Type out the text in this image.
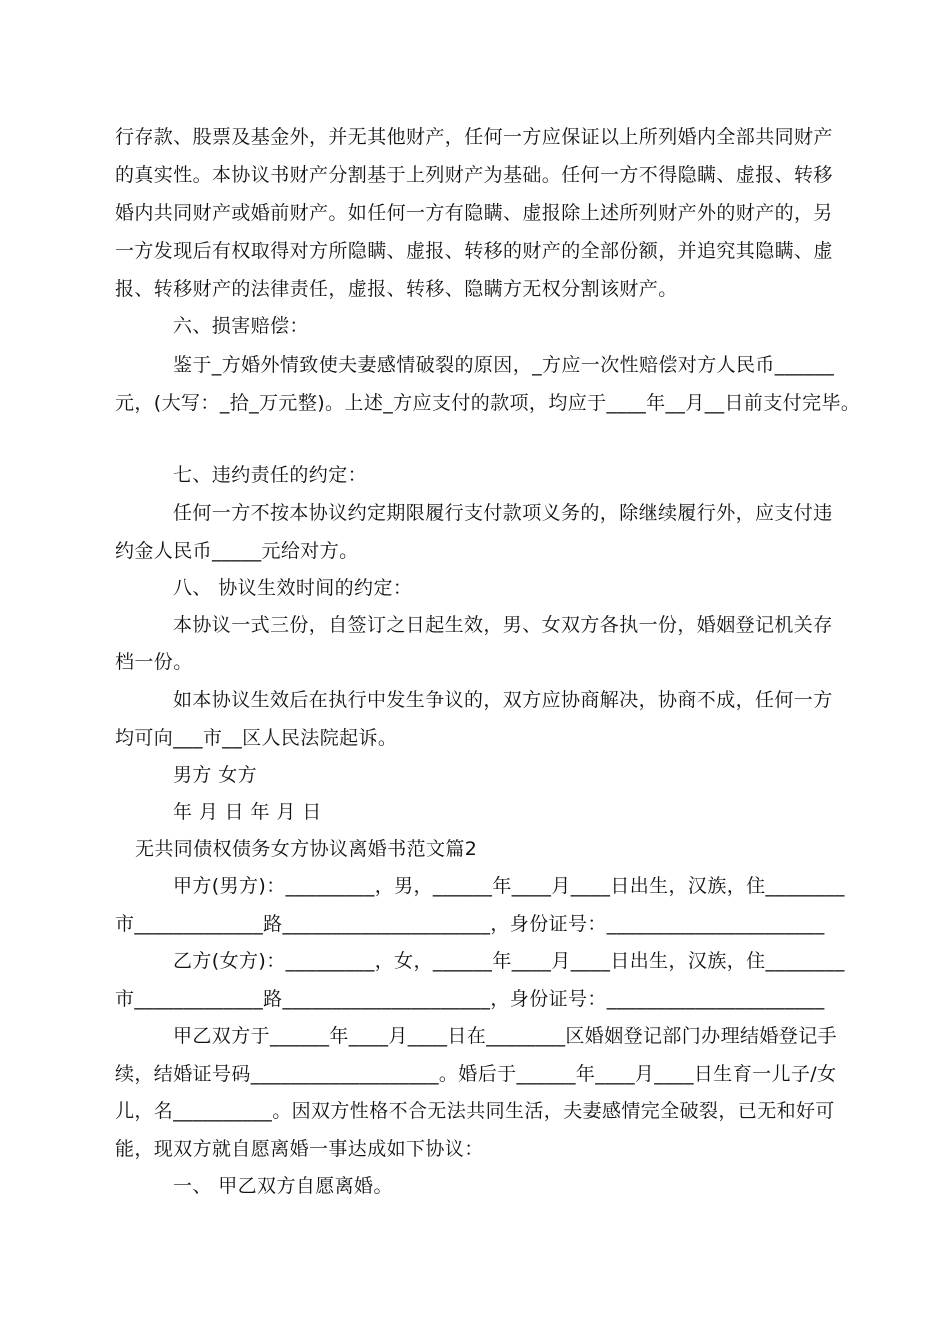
行存款、股票及基金外，并无其他财产，任何一方应保证以上所列婚内全部共同财产
的真实性。本协议书财产分割基于上列财产为基础。任何一方不得隐瞒、虚报、转移
婚内共同财产或婚前财产。如任何一方有隐瞒、虚报除上述所列财产外的财产的，另
一方发现后有权取得对方所隐瞒、虚报、转移的财产的全部份额，并追究其隐瞒、虚
报、转移财产的法律责任，虚报、转移、隐瞒方无权分割该财产。
六、损害赔偿：
鉴于_方婚外情致使夫妻感情破裂的原因，_方应一次性赔偿对方人民币______
元，(大写：_拾_万元整)。上述_方应支付的款项，均应于____年__月__日前支付完毕。
七、违约责任的约定：
任何一方不按本协议约定期限履行支付款项义务的，除继续履行外，应支付违
约金人民币_____元给对方。
八、 协议生效时间的约定：
本协议一式三份，自签订之日起生效，男、女双方各执一份，婚姻登记机关存
档一份。
如本协议生效后在执行中发生争议的，双方应协商解决，协商不成，任何一方
均可向___市__区人民法院起诉。
男方 女方
年 月 日 年 月 日
无共同债权债务女方协议离婚书范文篇2
甲方(男方)：_________，男，______年____月____日出生，汉族，住________
市_____________路_____________________，身份证号：______________________
乙方(女方)：_________，女，______年____月____日出生，汉族，住________
市_____________路_____________________，身份证号：______________________
甲乙双方于______年____月____日在________区婚姻登记部门办理结婚登记手
续，结婚证号码___________________。婚后于______年____月____日生育一儿子/女
儿，名__________。因双方性格不合无法共同生活，夫妻感情完全破裂，已无和好可
能，现双方就自愿离婚一事达成如下协议：
一、 甲乙双方自愿离婚。
